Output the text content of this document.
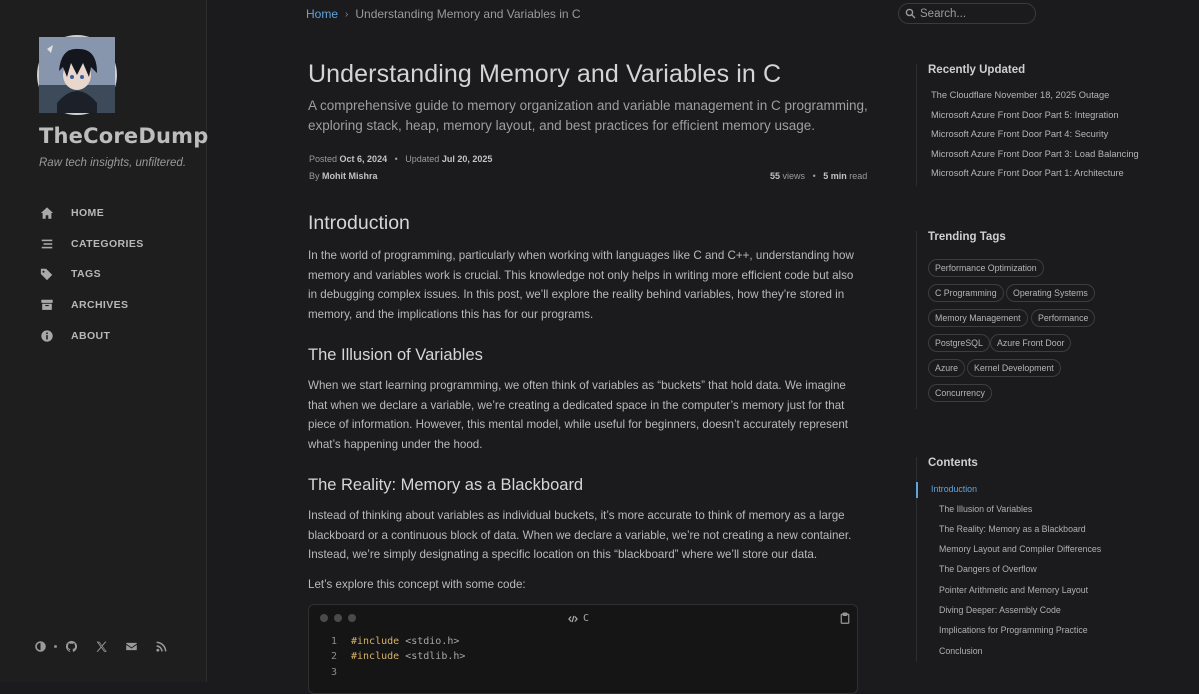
TheCoreDump
Raw tech insights, unfiltered.
HOME
CATEGORIES
TAGS
ARCHIVES
ABOUT
Home › Understanding Memory and Variables in C
Search...
Understanding Memory and Variables in C

A comprehensive guide to memory organization and variable management in C programming, exploring stack, heap, memory layout, and best practices for efficient memory usage.

Posted Oct 6, 2024 • Updated Jul 20, 2025
By Mohit Mishra	55 views • 5 min read
Introduction

In the world of programming, particularly when working with languages like C and C++, understanding how memory and variables work is crucial. This knowledge not only helps in writing more efficient code but also in debugging complex issues. In this post, we’ll explore the reality behind variables, how they’re stored in memory, and the implications this has for our programs.

The Illusion of Variables

When we start learning programming, we often think of variables as “buckets” that hold data. We imagine that when we declare a variable, we’re creating a dedicated space in the computer’s memory just for that piece of information. However, this mental model, while useful for beginners, doesn’t accurately represent what’s happening under the hood.

The Reality: Memory as a Blackboard

Instead of thinking about variables as individual buckets, it’s more accurate to think of memory as a large blackboard or a continuous block of data. When we declare a variable, we’re not creating a new container. Instead, we’re simply designating a specific location on this “blackboard” where we’ll store our data.

Let’s explore this concept with some code:

C
1 #include <stdio.h>
2 #include <stdlib.h>
3
Recently Updated
The Cloudflare November 18, 2025 Outage
Microsoft Azure Front Door Part 5: Integration
Microsoft Azure Front Door Part 4: Security
Microsoft Azure Front Door Part 3: Load Balancing
Microsoft Azure Front Door Part 1: Architecture
Trending Tags
Performance Optimization
C Programming	Operating Systems
Memory Management	Performance
PostgreSQL	Azure Front Door
Azure	Kernel Development
Concurrency
Contents
Introduction
The Illusion of Variables
The Reality: Memory as a Blackboard
Memory Layout and Compiler Differences
The Dangers of Overflow
Pointer Arithmetic and Memory Layout
Diving Deeper: Assembly Code
Implications for Programming Practice
Conclusion
